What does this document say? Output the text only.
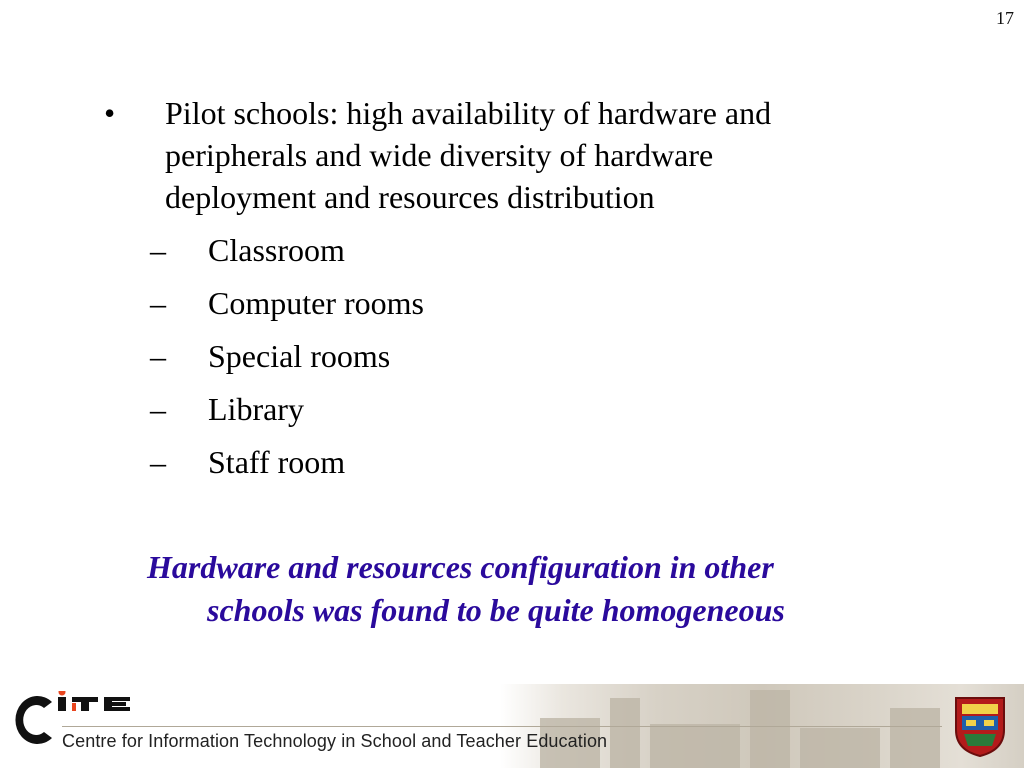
17
• Pilot schools: high availability of hardware and
peripherals and wide diversity of hardware
deployment and resources distribution
– Classroom
– Computer rooms
– Special rooms
– Library
– Staff room
Hardware and resources configuration in other
schools was found to be quite homogeneous
Centre for Information Technology in School and Teacher Education
